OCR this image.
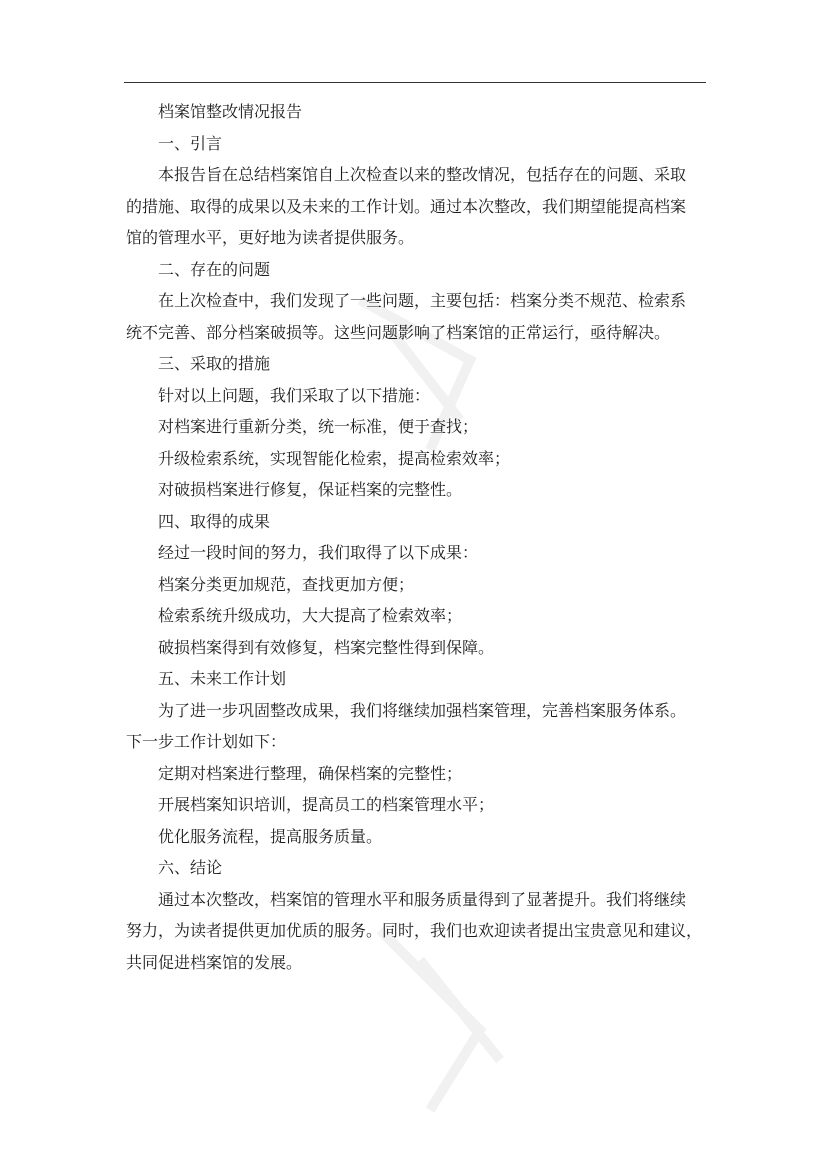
档案馆整改情况报告
一、引言
本报告旨在总结档案馆自上次检查以来的整改情况，包括存在的问题、采取
的措施、取得的成果以及未来的工作计划。通过本次整改，我们期望能提高档案
馆的管理水平，更好地为读者提供服务。
二、存在的问题
在上次检查中，我们发现了一些问题，主要包括：档案分类不规范、检索系
统不完善、部分档案破损等。这些问题影响了档案馆的正常运行，亟待解决。
三、采取的措施
针对以上问题，我们采取了以下措施：
对档案进行重新分类，统一标准，便于查找；
升级检索系统，实现智能化检索，提高检索效率；
对破损档案进行修复，保证档案的完整性。
四、取得的成果
经过一段时间的努力，我们取得了以下成果：
档案分类更加规范，查找更加方便；
检索系统升级成功，大大提高了检索效率；
破损档案得到有效修复，档案完整性得到保障。
五、未来工作计划
为了进一步巩固整改成果，我们将继续加强档案管理，完善档案服务体系。
下一步工作计划如下：
定期对档案进行整理，确保档案的完整性；
开展档案知识培训，提高员工的档案管理水平；
优化服务流程，提高服务质量。
六、结论
通过本次整改，档案馆的管理水平和服务质量得到了显著提升。我们将继续
努力，为读者提供更加优质的服务。同时，我们也欢迎读者提出宝贵意见和建议，
共同促进档案馆的发展。
